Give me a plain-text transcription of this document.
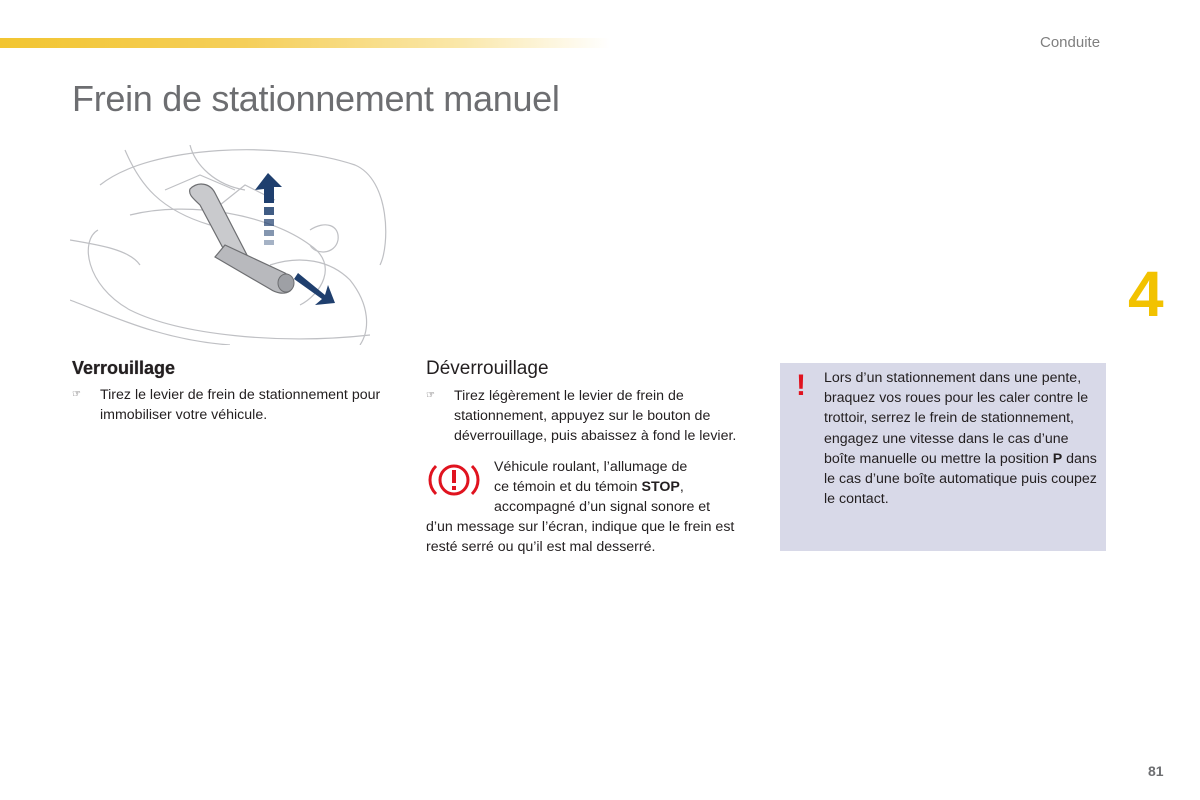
Conduite
Frein de stationnement manuel
4
Verrouillage

☞ Tirez le levier de frein de stationnement pour immobiliser votre véhicule.

Déverrouillage

☞ Tirez légèrement le levier de frein de stationnement, appuyez sur le bouton de déverrouillage, puis abaissez à fond le levier.

Véhicule roulant, l’allumage de
ce témoin et du témoin STOP,
accompagné d’un signal sonore et
d’un message sur l’écran, indique que le frein est resté serré ou qu’il est mal desserré.
! Lors d’un stationnement dans une pente, braquez vos roues pour les caler contre le trottoir, serrez le frein de stationnement, engagez une vitesse dans le cas d’une boîte manuelle ou mettre la position P dans le cas d’une boîte automatique puis coupez le contact.

81
